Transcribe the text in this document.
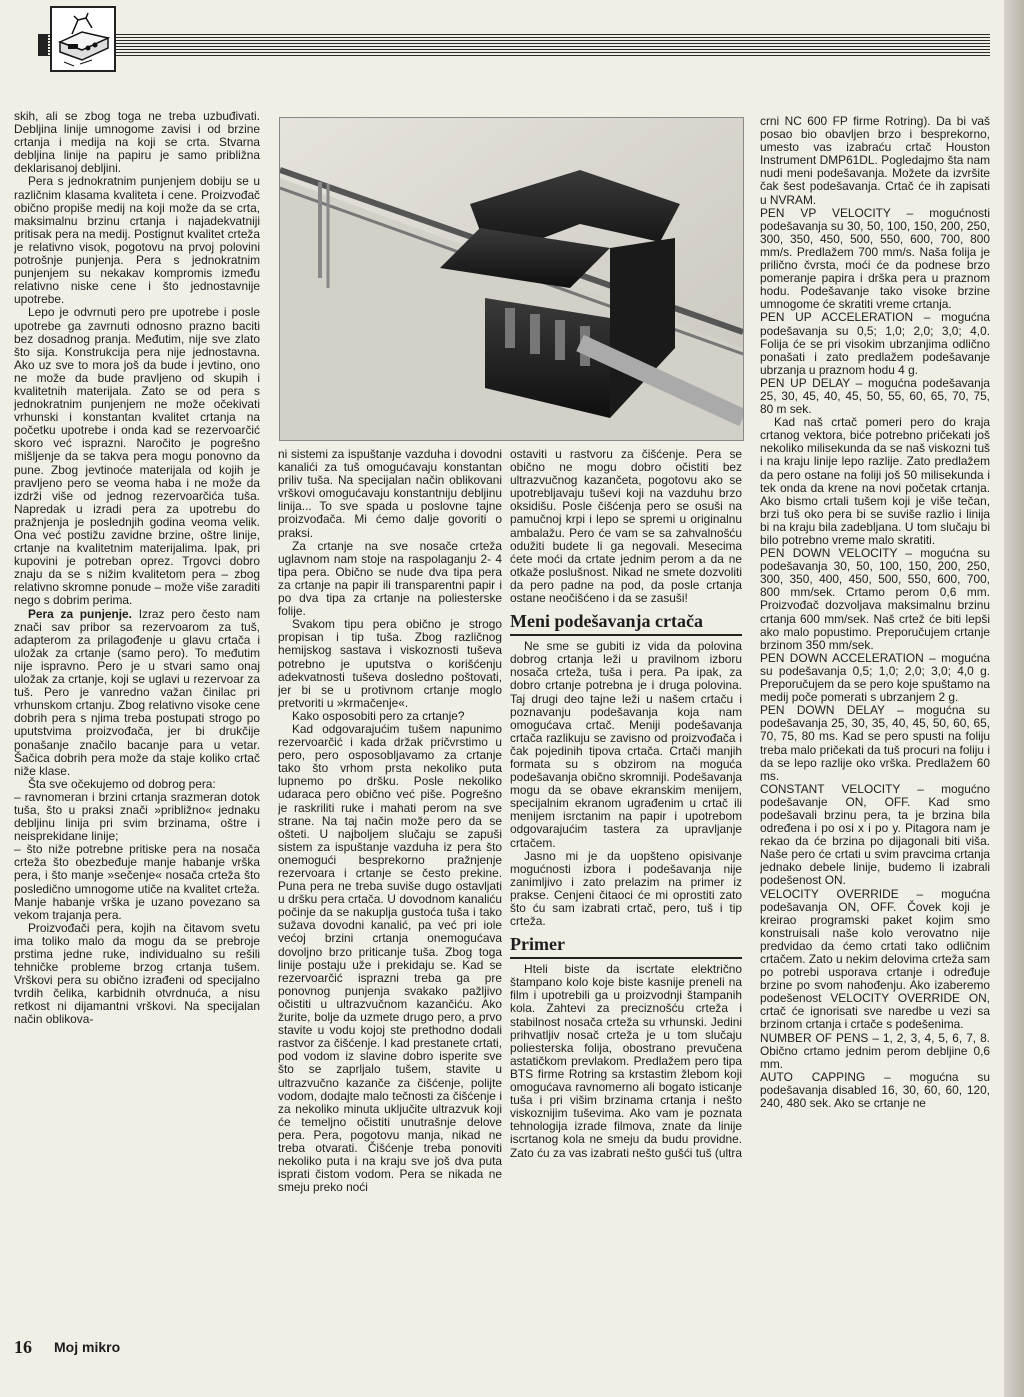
skih, ali se zbog toga ne treba uzbuđivati. Debljina linije umnogome zavisi i od brzine crtanja i medija na koji se crta. Stvarna debljina linije na papiru je samo približna deklarisanoj debljini.

Pera s jednokratnim punjenjem dobiju se u različnim klasama kvaliteta i cene. Proizvođač obično propiše medij na koji može da se crta, maksimalnu brzinu crtanja i najadekvatniji pritisak pera na medij. Postignut kvalitet crteža je relativno visok, pogotovu na prvoj polovini potrošnje punjenja. Pera s jednokratnim punjenjem su nekakav kompromis između relativno niske cene i što jednostavnije upotrebe.

Lepo je odvrnuti pero pre upotrebe i posle upotrebe ga zavrnuti odnosno prazno baciti bez dosadnog pranja. Međutim, nije sve zlato što sija. Konstrukcija pera nije jednostavna. Ako uz sve to mora još da bude i jevtino, ono ne može da bude pravljeno od skupih i kvalitetnih materijala. Zato se od pera s jednokratnim punjenjem ne može očekivati vrhunski i konstantan kvalitet crtanja na početku upotrebe i onda kad se rezervoarčić skoro već isprazni. Naročito je pogrešno mišljenje da se takva pera mogu ponovno da pune. Zbog jevtinoće materijala od kojih je pravljeno pero se veoma haba i ne može da izdrži više od jednog rezervoarčića tuša. Napredak u izradi pera za upotrebu do pražnjenja je poslednjih godina veoma velik. Ona već postižu zavidne brzine, oštre linije, crtanje na kvalitetnim materijalima. Ipak, pri kupovini je potreban oprez. Trgovci dobro znaju da se s nižim kvalitetom pera – zbog relativno skromne ponude – može više zaraditi nego s dobrim perima.

Pera za punjenje. Izraz pero često nam znači sav pribor sa rezervoarom za tuš, adapterom za prilagođenje u glavu crtača i uložak za crtanje (samo pero). To međutim nije ispravno. Pero je u stvari samo onaj uložak za crtanje, koji se uglavi u rezervoar za tuš. Pero je vanredno važan činilac pri vrhunskom crtanju. Zbog relativno visoke cene dobrih pera s njima treba postupati strogo po uputstvima proizvođača, jer bi drukčije ponašanje značilo bacanje para u vetar. Šačica dobrih pera može da staje koliko crtač niže klase.

Šta sve očekujemo od dobrog pera:

– ravnomeran i brzini crtanja srazmeran dotok tuša, što u praksi znači »približno« jednaku debljinu linija pri svim brzinama, oštre i neisprekidane linije;

– što niže potrebne pritiske pera na nosača crteža što obezbeđuje manje habanje vrška pera, i što manje »sečenje« nosača crteža što posledično umnogome utiče na kvalitet crteža. Manje habanje vrška je uzano povezano sa vekom trajanja pera.

Proizvođači pera, kojih na čitavom svetu ima toliko malo da mogu da se prebroje prstima jedne ruke, individualno su rešili tehničke probleme brzog crtanja tušem. Vrškovi pera su obično izrađeni od specijalno tvrdih čelika, karbidnih otvrdnuća, a nisu retkost ni dijamantni vrškovi. Na specijalan način oblikova-

ni sistemi za ispuštanje vazduha i dovodni kanalići za tuš omogućavaju konstantan priliv tuša. Na specijalan način oblikovani vrškovi omogućavaju konstantniju debljinu linija... To sve spada u poslovne tajne proizvođača. Mi ćemo dalje govoriti o praksi.

Za crtanje na sve nosače crteža uglavnom nam stoje na raspolaganju 2- 4 tipa pera. Obično se nude dva tipa pera za crtanje na papir ili transparentni papir i po dva tipa za crtanje na poliesterske folije.

Svakom tipu pera obično je strogo propisan i tip tuša. Zbog različnog hemijskog sastava i viskoznosti tuševa potrebno je uputstva o korišćenju adekvatnosti tuševa dosledno poštovati, jer bi se u protivnom crtanje moglo pretvoriti u »krmačenje«.

Kako osposobiti pero za crtanje?

Kad odgovarajućim tušem napunimo rezervoarčić i kada držak pričvrstimo u pero, pero osposobljavamo za crtanje tako što vrhom prsta nekoliko puta lupnemo po dršku. Posle nekoliko udaraca pero obično već piše. Pogrešno je raskriliti ruke i mahati perom na sve strane. Na taj način može pero da se ošteti. U najboljem slučaju se zapuši sistem za ispuštanje vazduha iz pera što onemogući besprekorno pražnjenje rezervoara i crtanje se često prekine. Puna pera ne treba suviše dugo ostavljati u dršku pera crtača. U dovodnom kanaliću počinje da se nakuplja gustoća tuša i tako sužava dovodni kanalić, pa već pri iole većoj brzini crtanja onemogućava dovoljno brzo priticanje tuša. Zbog toga linije postaju uže i prekidaju se. Kad se rezervoarčić isprazni treba ga pre ponovnog punjenja svakako pažljivo očistiti u ultrazvučnom kazančiću. Ako žurite, bolje da uzmete drugo pero, a prvo stavite u vodu kojoj ste prethodno dodali rastvor za čišćenje. I kad prestanete crtati, pod vodom iz slavine dobro isperite sve što se zaprljalo tušem, stavite u ultrazvučno kazanče za čišćenje, polijte vodom, dodajte malo tečnosti za čišćenje i za nekoliko minuta uključite ultrazvuk koji će temeljno očistiti unutrašnje delove pera. Pera, pogotovu manja, nikad ne treba otvarati. Čišćenje treba ponoviti nekoliko puta i na kraju sve još dva puta isprati čistom vodom. Pera se nikada ne smeju preko noći

ostaviti u rastvoru za čišćenje. Pera se obično ne mogu dobro očistiti bez ultrazvučnog kazančeta, pogotovu ako se upotrebljavaju tuševi koji na vazduhu brzo oksidišu. Posle čišćenja pero se osuši na pamučnoj krpi i lepo se spremi u originalnu ambalažu. Pero će vam se sa zahvalnošću odužiti budete li ga negovali. Mesecima ćete moći da crtate jednim perom a da ne otkaže poslušnost. Nikad ne smete dozvoliti da pero padne na pod, da posle crtanja ostane neočišćeno i da se zasuši!

Meni podešavanja crtača

Ne sme se gubiti iz vida da polovina dobrog crtanja leži u pravilnom izboru nosača crteža, tuša i pera. Pa ipak, za dobro crtanje potrebna je i druga polovina. Taj drugi deo tajne leži u našem crtaču i poznavanju podešavanja koja nam omogućava crtač. Meniji podešavanja crtača razlikuju se zavisno od proizvođača i čak pojedinih tipova crtača. Crtači manjih formata su s obzirom na moguća podešavanja obično skromniji. Podešavanja mogu da se obave ekranskim menijem, specijalnim ekranom ugrađenim u crtač ili menijem isrctanim na papir i upotrebom odgovarajućim tastera za upravljanje crtačem.

Jasno mi je da uopšteno opisivanje mogućnosti izbora i podešavanja nije zanimljivo i zato prelazim na primer iz prakse. Cenjeni čitaoci će mi oprostiti zato što ću sam izabrati crtač, pero, tuš i tip crteža.

Primer

Hteli biste da iscrtate električno štampano kolo koje biste kasnije preneli na film i upotrebili ga u proizvodnji štampanih kola. Zahtevi za preciznošću crteža i stabilnost nosača crteža su vrhunski. Jedini prihvatljiv nosač crteža je u tom slučaju poliesterska folija, obostrano prevučena astatičkom prevlakom. Predlažem pero tipa BTS firme Rotring sa krstastim žlebom koji omogućava ravnomerno ali bogato isticanje tuša i pri višim brzinama crtanja i nešto viskoznijim tuševima. Ako vam je poznata tehnologija izrade filmova, znate da linije iscrtanog kola ne smeju da budu providne. Zato ću za vas izabrati nešto gušći tuš (ultra

crni NC 600 FP firme Rotring). Da bi vaš posao bio obavljen brzo i besprekorno, umesto vas izabraću crtač Houston Instrument DMP61DL. Pogledajmo šta nam nudi meni podešavanja. Možete da izvršite čak šest podešavanja. Crtač će ih zapisati u NVRAM.

PEN VP VELOCITY – mogućnosti podešavanja su 30, 50, 100, 150, 200, 250, 300, 350, 450, 500, 550, 600, 700, 800 mm/s. Predlažem 700 mm/s. Naša folija je prilično čvrsta, moći će da podnese brzo pomeranje papira i drška pera u praznom hodu. Podešavanje tako visoke brzine umnogome će skratiti vreme crtanja.

PEN UP ACCELERATION – mogućna podešavanja su 0,5; 1,0; 2,0; 3,0; 4,0. Folija će se pri visokim ubrzanjima odlično ponašati i zato predlažem podešavanje ubrzanja u praznom hodu 4 g.

PEN UP DELAY – mogućna podešavanja 25, 30, 45, 40, 45, 50, 55, 60, 65, 70, 75, 80 m sek.

Kad naš crtač pomeri pero do kraja crtanog vektora, biće potrebno pričekati još nekoliko milisekunda da se naš viskozni tuš i na kraju linije lepo razlije. Zato predlažem da pero ostane na foliji još 50 milisekunda i tek onda da krene na novi početak crtanja. Ako bismo crtali tušem koji je više tečan, brzi tuš oko pera bi se suviše razlio i linija bi na kraju bila zadebljana. U tom slučaju bi bilo potrebno vreme malo skratiti.

PEN DOWN VELOCITY – mogućna su podešavanja 30, 50, 100, 150, 200, 250, 300, 350, 400, 450, 500, 550, 600, 700, 800 mm/sek. Crtamo perom 0,6 mm. Proizvođač dozvoljava maksimalnu brzinu crtanja 600 mm/sek. Naš crtež će biti lepši ako malo popustimo. Preporučujem crtanje brzinom 350 mm/sek.

PEN DOWN ACCELERATION – mogućna su podešavanja 0,5; 1,0; 2,0; 3,0; 4,0 g. Preporučujem da se pero koje spuštamo na medij poče pomerati s ubrzanjem 2 g.

PEN DOWN DELAY – mogućna su podešavanja 25, 30, 35, 40, 45, 50, 60, 65, 70, 75, 80 ms. Kad se pero spusti na foliju treba malo pričekati da tuš procuri na foliju i da se lepo razlije oko vrška. Predlažem 60 ms.

CONSTANT VELOCITY – mogućno podešavanje ON, OFF. Kad smo podešavali brzinu pera, ta je brzina bila određena i po osi x i po y. Pitagora nam je rekao da će brzina po dijagonali biti viša. Naše pero će crtati u svim pravcima crtanja jednako debele linije, budemo li izabrali podešenost ON.

VELOCITY OVERRIDE – mogućna podešavanja ON, OFF. Čovek koji je kreirao programski paket kojim smo konstruisali naše kolo verovatno nije predvidao da ćemo crtati tako odličnim crtačem. Zato u nekim delovima crteža sam po potrebi usporava crtanje i određuje brzine po svom nahođenju. Ako izaberemo podešenost VELOCITY OVERRIDE ON, crtač će ignorisati sve naredbe u vezi sa brzinom crtanja i crtače s podešenima.

NUMBER OF PENS – 1, 2, 3, 4, 5, 6, 7, 8. Obično crtamo jednim perom debljine 0,6 mm.

AUTO CAPPING – mogućna su podešavanja disabled 16, 30, 60, 60, 120, 240, 480 sek. Ako se crtanje ne

16 Moj mikro
